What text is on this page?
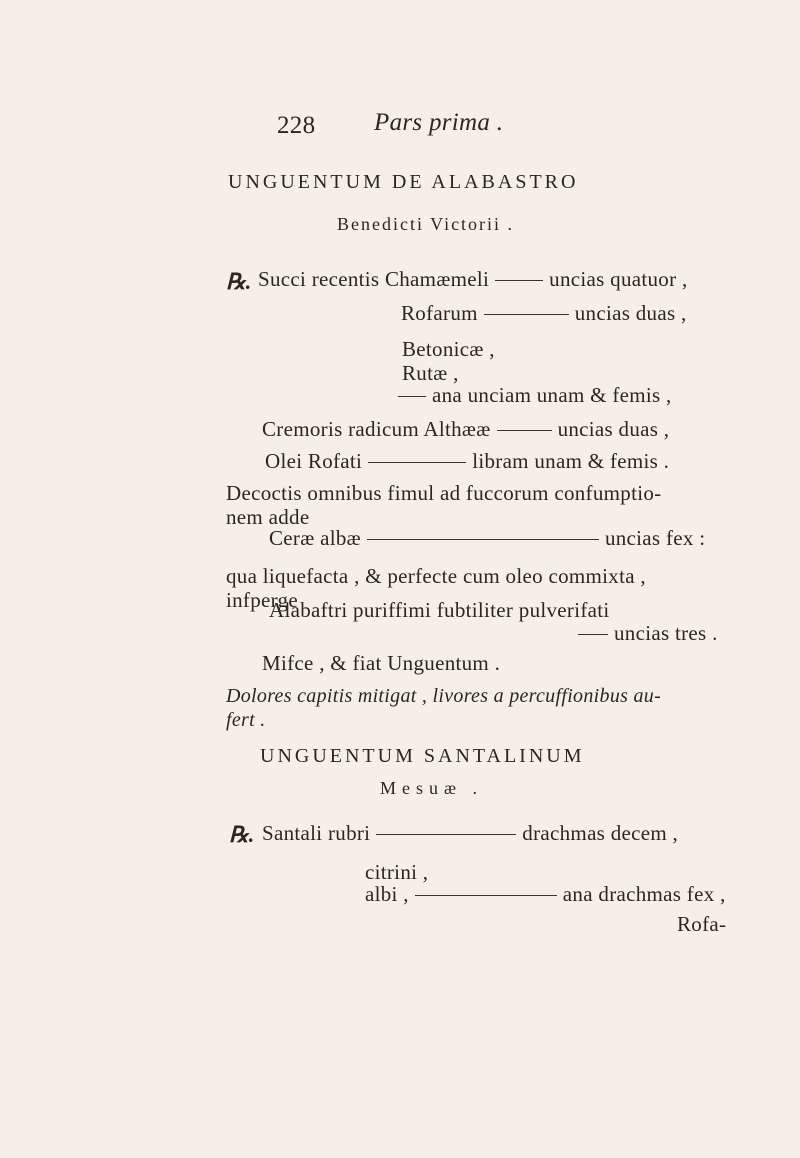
228 Pars prima .
UNGUENTUM DE ALABASTRO
Benedicti Victorii .
℞. Succi recentis Chamæmeli	uncias quatuor ,
Rofarum	uncias duas ,
Betonicæ ,
Rutæ ,
ana unciam unam & femis ,
Cremoris radicum Althææ	uncias duas ,
Olei Rofati	libram unam & femis .
Decoctis omnibus fimul ad fuccorum confumptio-
nem adde
Ceræ albæ	uncias fex :
qua liquefacta , & perfecte cum oleo commixta ,
infperge
Alabaftri puriffimi fubtiliter pulverifati
uncias tres .
Mifce , & fiat Unguentum .
Dolores capitis mitigat , livores a percuffionibus au-
fert .
UNGUENTUM SANTALINUM
Mesuæ .
℞. Santali rubri	drachmas decem ,
citrini ,
albi ,	ana drachmas fex ,
Rofa-
